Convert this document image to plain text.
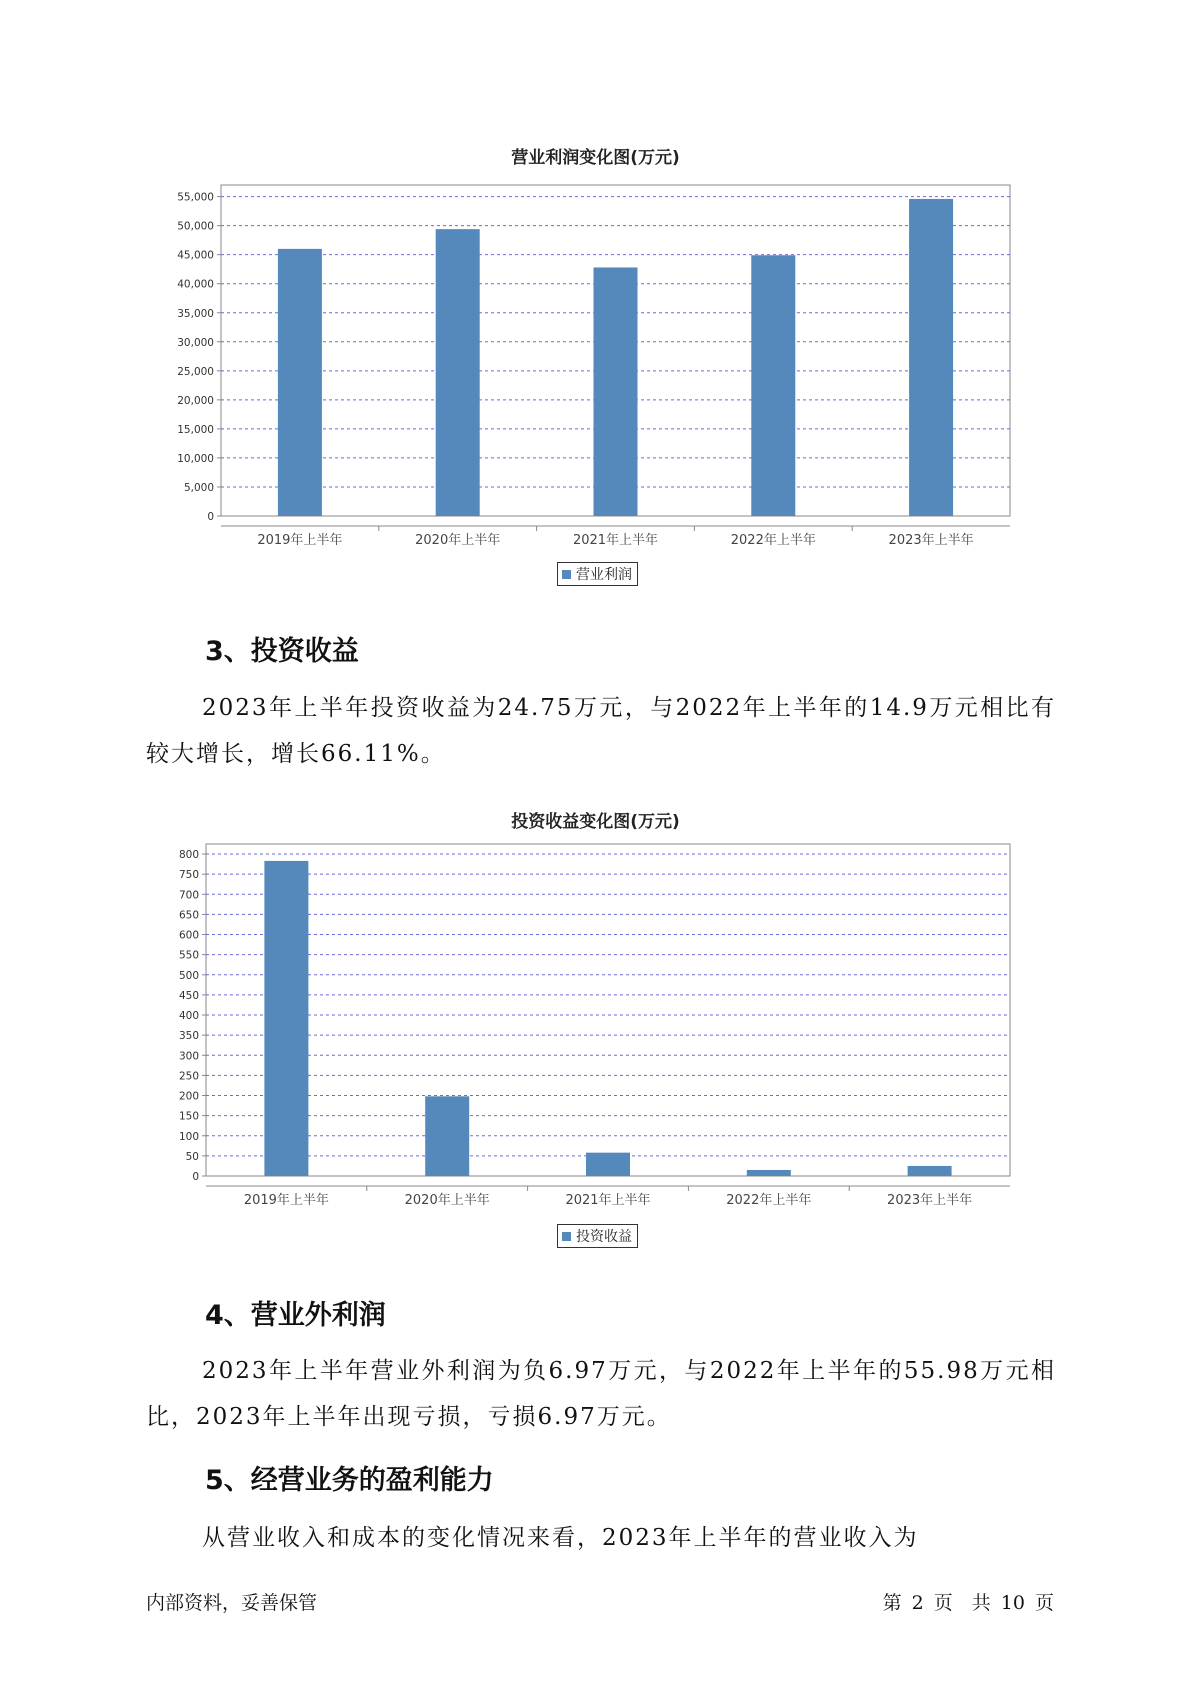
营业利润变化图(万元)
0
5,000
10,000
15,000
20,000
25,000
30,000
35,000
40,000
45,000
50,000
55,000
2019年上半年	2020年上半年	2021年上半年	2022年上半年	2023年上半年
营业利润
3、投资收益

2023年上半年投资收益为24.75万元，与2022年上半年的14.9万元相比有较大增长，增长66.11%。

投资收益变化图(万元)
0
50
100
150
200
250
300
350
400
450
500
550
600
650
700
750
800
2019年上半年	2020年上半年	2021年上半年	2022年上半年	2023年上半年
投资收益
4、营业外利润

2023年上半年营业外利润为负6.97万元，与2022年上半年的55.98万元相比，2023年上半年出现亏损，亏损6.97万元。

5、经营业务的盈利能力

从营业收入和成本的变化情况来看，2023年上半年的营业收入为

内部资料，妥善保管	第 2 页　共 10 页
